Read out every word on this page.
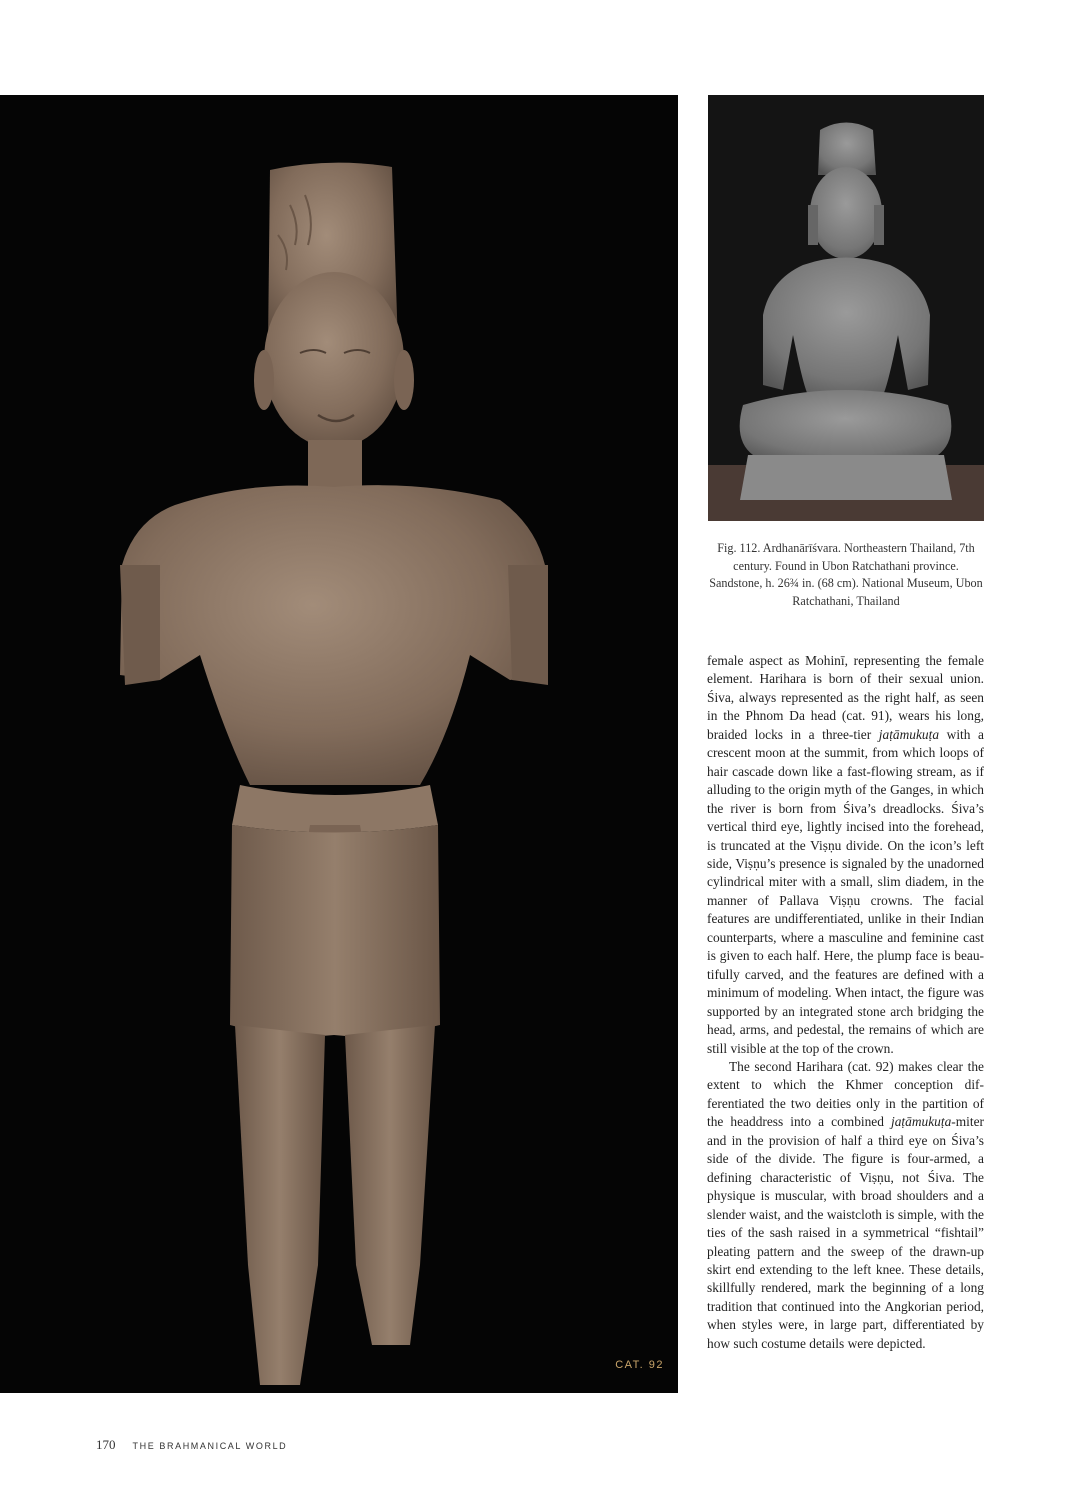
CAT. 92
Fig. 112. Ardhanārīśvara. Northeastern Thailand, 7th century. Found in Ubon Ratchathani province. Sandstone, h. 26¾ in. (68 cm). National Museum, Ubon Ratchathani, Thailand

female aspect as Mohinī, representing the female element. Harihara is born of their sexual union. Śiva, always represented as the right half, as seen in the Phnom Da head (cat. 91), wears his long, braided locks in a three-tier jaṭāmukuṭa with a crescent moon at the summit, from which loops of hair cascade down like a fast-flowing stream, as if alluding to the origin myth of the Ganges, in which the river is born from Śiva’s dreadlocks. Śiva’s vertical third eye, lightly incised into the forehead, is truncated at the Viṣṇu divide. On the icon’s left side, Viṣṇu’s presence is signaled by the unadorned cylindrical miter with a small, slim diadem, in the manner of Pallava Viṣṇu crowns. The facial features are undifferentiated, unlike in their Indian counterparts, where a masculine and feminine cast is given to each half. Here, the plump face is beautifully carved, and the features are defined with a minimum of modeling. When intact, the figure was supported by an integrated stone arch bridging the head, arms, and pedestal, the remains of which are still visible at the top of the crown.

The second Harihara (cat. 92) makes clear the extent to which the Khmer conception differentiated the two deities only in the partition of the headdress into a combined jaṭāmukuṭa-miter and in the provision of half a third eye on Śiva’s side of the divide. The figure is four-armed, a defining characteristic of Viṣṇu, not Śiva. The physique is muscular, with broad shoulders and a slender waist, and the waistcloth is simple, with the ties of the sash raised in a symmetrical “fishtail” pleating pattern and the sweep of the drawn-up skirt end extending to the left knee. These details, skillfully rendered, mark the beginning of a long tradition that continued into the Angkorian period, when styles were, in large part, differentiated by how such costume details were depicted.

170 THE BRAHMANICAL WORLD
